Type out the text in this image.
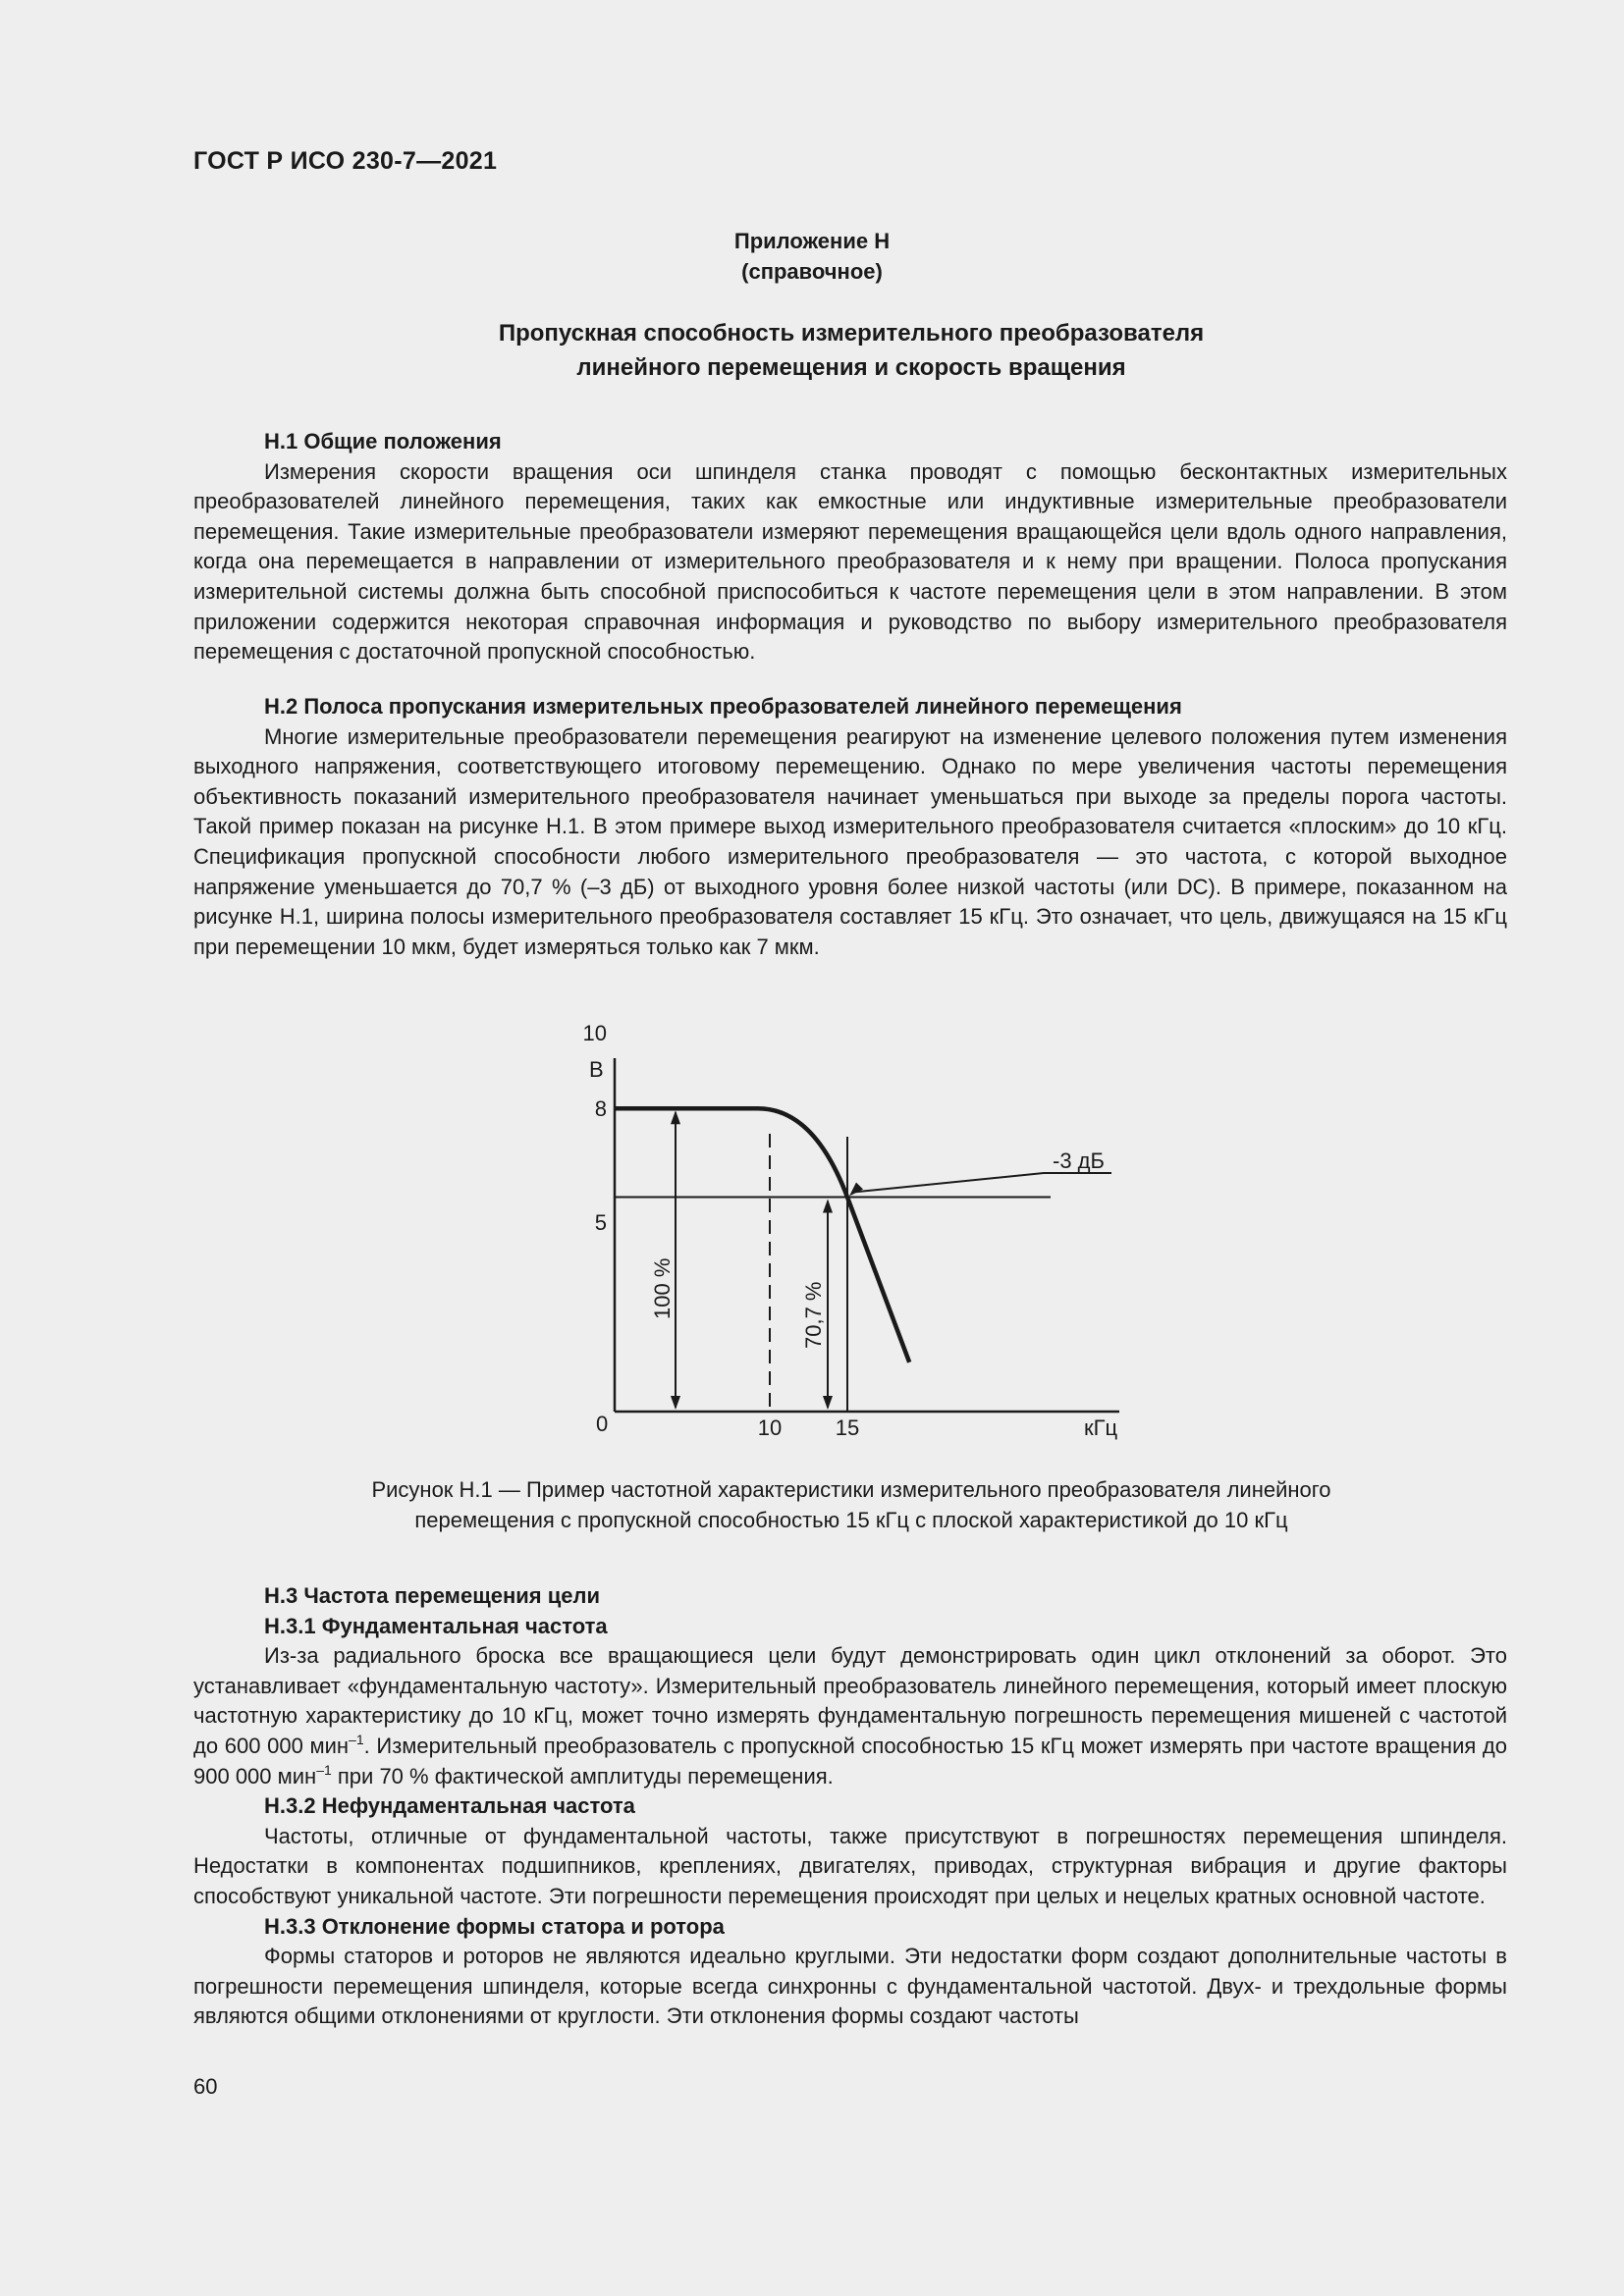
ГОСТ Р ИСО 230-7—2021
Приложение Н
(справочное)
Пропускная способность измерительного преобразователя
линейного перемещения и скорость вращения
Н.1 Общие положения

Измерения скорости вращения оси шпинделя станка проводят с помощью бесконтактных измерительных преобразователей линейного перемещения, таких как емкостные или индуктивные измерительные преобразователи перемещения. Такие измерительные преобразователи измеряют перемещения вращающейся цели вдоль одного направления, когда она перемещается в направлении от измерительного преобразователя и к нему при вращении. Полоса пропускания измерительной системы должна быть способной приспособиться к частоте перемещения цели в этом направлении. В этом приложении содержится некоторая справочная информация и руководство по выбору измерительного преобразователя перемещения с достаточной пропускной способностью.

Н.2 Полоса пропускания измерительных преобразователей линейного перемещения

Многие измерительные преобразователи перемещения реагируют на изменение целевого положения путем изменения выходного напряжения, соответствующего итоговому перемещению. Однако по мере увеличения частоты перемещения объективность показаний измерительного преобразователя начинает уменьшаться при выходе за пределы порога частоты. Такой пример показан на рисунке Н.1. В этом примере выход измерительного преобразователя считается «плоским» до 10 кГц. Спецификация пропускной способности любого измерительного преобразователя — это частота, с которой выходное напряжение уменьшается до 70,7 % (–3 дБ) от выходного уровня более низкой частоты (или DC). В примере, показанном на рисунке Н.1, ширина полосы измерительного преобразователя составляет 15 кГц. Это означает, что цель, движущаяся на 15 кГц при перемещении 10 мкм, будет измеряться только как 7 мкм.

В
0	кГц
10
8
5
10 15
100 %	70,7 %
-3 дБ
Рисунок Н.1 — Пример частотной характеристики измерительного преобразователя линейного
перемещения с пропускной способностью 15 кГц с плоской характеристикой до 10 кГц
Н.3 Частота перемещения цели
Н.3.1 Фундаментальная частота

Из-за радиального броска все вращающиеся цели будут демонстрировать один цикл отклонений за оборот. Это устанавливает «фундаментальную частоту». Измерительный преобразователь линейного перемещения, который имеет плоскую частотную характеристику до 10 кГц, может точно измерять фундаментальную погрешность перемещения мишеней с частотой до 600 000 мин$^{-1}$. Измерительный преобразователь с пропускной способностью 15 кГц может измерять при частоте вращения до 900 000 мин$^{-1}$ при 70 % фактической амплитуды перемещения.

Н.3.2 Нефундаментальная частота

Частоты, отличные от фундаментальной частоты, также присутствуют в погрешностях перемещения шпинделя. Недостатки в компонентах подшипников, креплениях, двигателях, приводах, структурная вибрация и другие факторы способствуют уникальной частоте. Эти погрешности перемещения происходят при целых и нецелых кратных основной частоте.

Н.3.3 Отклонение формы статора и ротора

Формы статоров и роторов не являются идеально круглыми. Эти недостатки форм создают дополнительные частоты в погрешности перемещения шпинделя, которые всегда синхронны с фундаментальной частотой. Двух- и трехдольные формы являются общими отклонениями от круглости. Эти отклонения формы создают частоты

60
